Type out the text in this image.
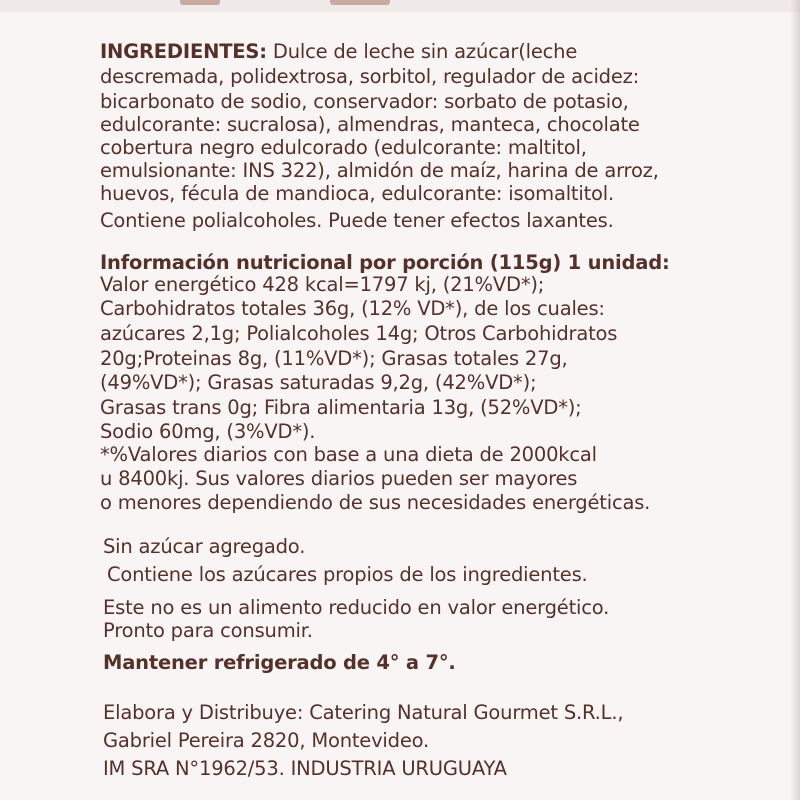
INGREDIENTES: Dulce de leche sin azúcar(leche
descremada, polidextrosa, sorbitol, regulador de acidez:
bicarbonato de sodio, conservador: sorbato de potasio,
edulcorante: sucralosa), almendras, manteca, chocolate
cobertura negro edulcorado (edulcorante: maltitol,
emulsionante: INS 322), almidón de maíz, harina de arroz,
huevos, fécula de mandioca, edulcorante: isomaltitol.
Contiene polialcoholes. Puede tener efectos laxantes.
Información nutricional por porción (115g) 1 unidad:
Valor energético 428 kcal=1797 kj, (21%VD*);
Carbohidratos totales 36g, (12% VD*), de los cuales:
azúcares 2,1g; Polialcoholes 14g; Otros Carbohidratos
20g;Proteinas 8g, (11%VD*); Grasas totales 27g,
(49%VD*); Grasas saturadas 9,2g, (42%VD*);
Grasas trans 0g; Fibra alimentaria 13g, (52%VD*);
Sodio 60mg, (3%VD*).
*%Valores diarios con base a una dieta de 2000kcal
u 8400kj. Sus valores diarios pueden ser mayores
o menores dependiendo de sus necesidades energéticas.
Sin azúcar agregado.
Contiene los azúcares propios de los ingredientes.
Este no es un alimento reducido en valor energético.
Pronto para consumir.
Mantener refrigerado de 4° a 7°.
Elabora y Distribuye: Catering Natural Gourmet S.R.L.,
Gabriel Pereira 2820, Montevideo.
IM SRA N°1962/53. INDUSTRIA URUGUAYA
